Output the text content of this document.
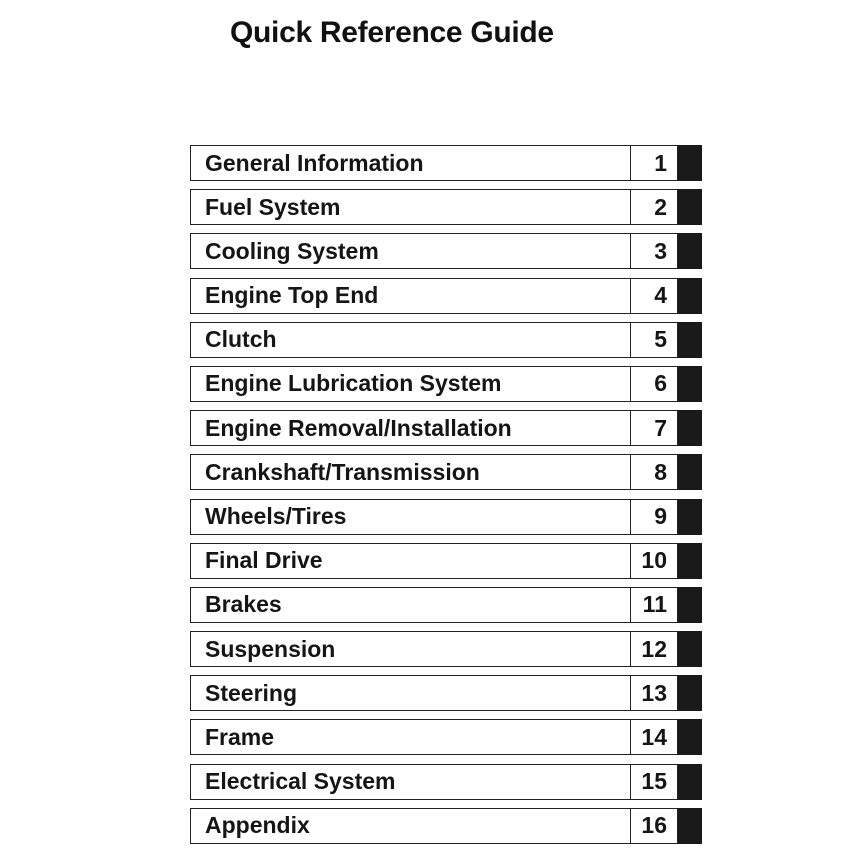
Quick Reference Guide
General Information	1
Fuel System	2
Cooling System	3
Engine Top End	4
Clutch	5
Engine Lubrication System	6
Engine Removal/Installation	7
Crankshaft/Transmission	8
Wheels/Tires	9
Final Drive	10
Brakes	11
Suspension	12
Steering	13
Frame	14
Electrical System	15
Appendix	16
